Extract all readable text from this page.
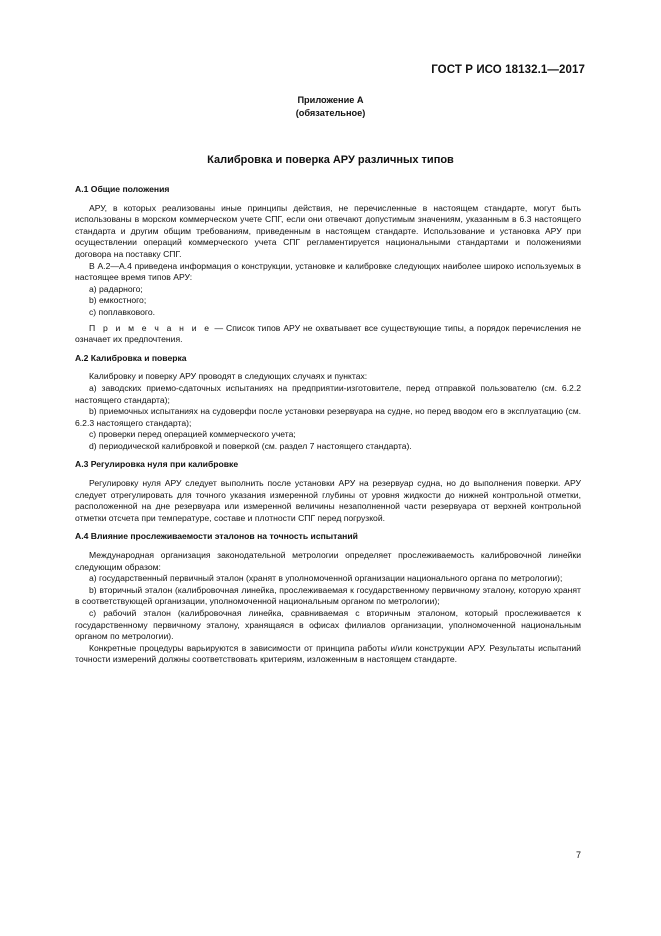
ГОСТ Р ИСО 18132.1—2017
Приложение А
(обязательное)
Калибровка и поверка АРУ различных типов
А.1 Общие положения

АРУ, в которых реализованы иные принципы действия, не перечисленные в настоящем стандарте, могут быть использованы в морском коммерческом учете СПГ, если они отвечают допустимым значениям, указанным в 6.3 настоящего стандарта и другим общим требованиям, приведенным в настоящем стандарте. Использование и установка АРУ при осуществлении операций коммерческого учета СПГ регламентируется национальными стандартами и положениями договора на поставку СПГ.

В А.2—А.4 приведена информация о конструкции, установке и калибровке следующих наиболее широко используемых в настоящее время типов АРУ:

a) радарного;

b) емкостного;

c) поплавкового.

П р и м е ч а н и е — Список типов АРУ не охватывает все существующие типы, а порядок перечисления не означает их предпочтения.

А.2 Калибровка и поверка

Калибровку и поверку АРУ проводят в следующих случаях и пунктах:

a) заводских приемо-сдаточных испытаниях на предприятии-изготовителе, перед отправкой пользователю (см. 6.2.2 настоящего стандарта);

b) приемочных испытаниях на судоверфи после установки резервуара на судне, но перед вводом его в эксплуатацию (см. 6.2.3 настоящего стандарта);

c) проверки перед операцией коммерческого учета;

d) периодической калибровкой и поверкой (см. раздел 7 настоящего стандарта).

А.3 Регулировка нуля при калибровке

Регулировку нуля АРУ следует выполнить после установки АРУ на резервуар судна, но до выполнения поверки. АРУ следует отрегулировать для точного указания измеренной глубины от уровня жидкости до нижней контрольной отметки, расположенной на дне резервуара или измеренной величины незаполненной части резервуара от верхней контрольной отметки отсчета при температуре, составе и плотности СПГ перед погрузкой.

А.4 Влияние прослеживаемости эталонов на точность испытаний

Международная организация законодательной метрологии определяет прослеживаемость калибровочной линейки следующим образом:

a) государственный первичный эталон (хранят в уполномоченной организации национального органа по метрологии);

b) вторичный эталон (калибровочная линейка, прослеживаемая к государственному первичному эталону, которую хранят в соответствующей организации, уполномоченной национальным органом по метрологии);

c) рабочий эталон (калибровочная линейка, сравниваемая с вторичным эталоном, который прослеживается к государственному первичному эталону, хранящаяся в офисах филиалов организации, уполномоченной национальным органом по метрологии).

Конкретные процедуры варьируются в зависимости от принципа работы и/или конструкции АРУ. Результаты испытаний точности измерений должны соответствовать критериям, изложенным в настоящем стандарте.

7
